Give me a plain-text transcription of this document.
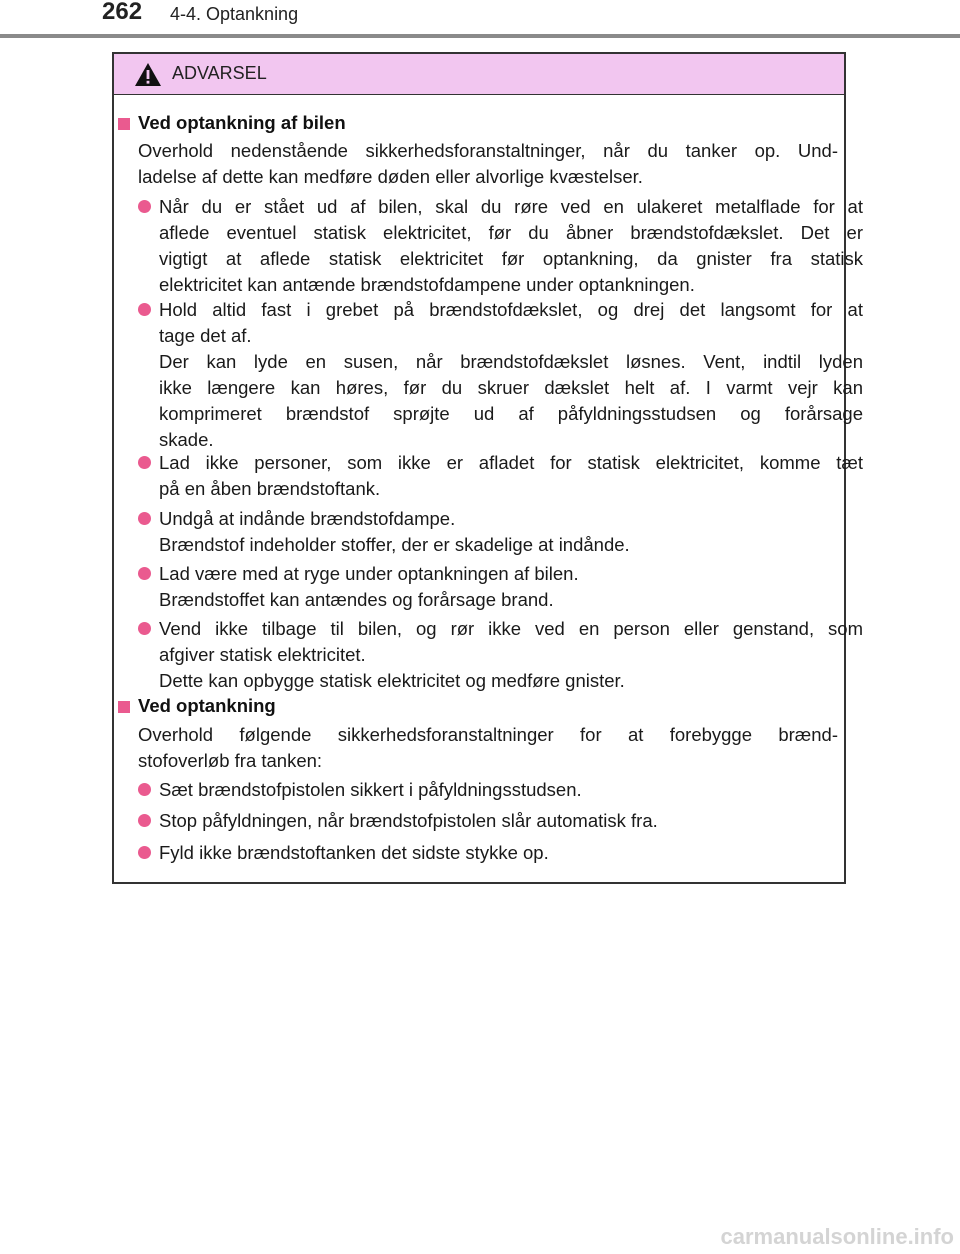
262 4-4. Optankning
ADVARSEL
Ved optankning af bilen
Overhold nedenstående sikkerhedsforanstaltninger, når du tanker op. Und-
ladelse af dette kan medføre døden eller alvorlige kvæstelser.
Når du er stået ud af bilen, skal du røre ved en ulakeret metalflade for at
aflede eventuel statisk elektricitet, før du åbner brændstofdækslet. Det er
vigtigt at aflede statisk elektricitet før optankning, da gnister fra statisk
elektricitet kan antænde brændstofdampene under optankningen.
Hold altid fast i grebet på brændstofdækslet, og drej det langsomt for at
tage det af.
Der kan lyde en susen, når brændstofdækslet løsnes. Vent, indtil lyden
ikke længere kan høres, før du skruer dækslet helt af. I varmt vejr kan
komprimeret brændstof sprøjte ud af påfyldningsstudsen og forårsage
skade.
Lad ikke personer, som ikke er afladet for statisk elektricitet, komme tæt
på en åben brændstoftank.
Undgå at indånde brændstofdampe.
Brændstof indeholder stoffer, der er skadelige at indånde.
Lad være med at ryge under optankningen af bilen.
Brændstoffet kan antændes og forårsage brand.
Vend ikke tilbage til bilen, og rør ikke ved en person eller genstand, som
afgiver statisk elektricitet.
Dette kan opbygge statisk elektricitet og medføre gnister.
Ved optankning
Overhold følgende sikkerhedsforanstaltninger for at forebygge brænd-
stofoverløb fra tanken:
Sæt brændstofpistolen sikkert i påfyldningsstudsen.
Stop påfyldningen, når brændstofpistolen slår automatisk fra.
Fyld ikke brændstoftanken det sidste stykke op.
carmanualsonline.info
